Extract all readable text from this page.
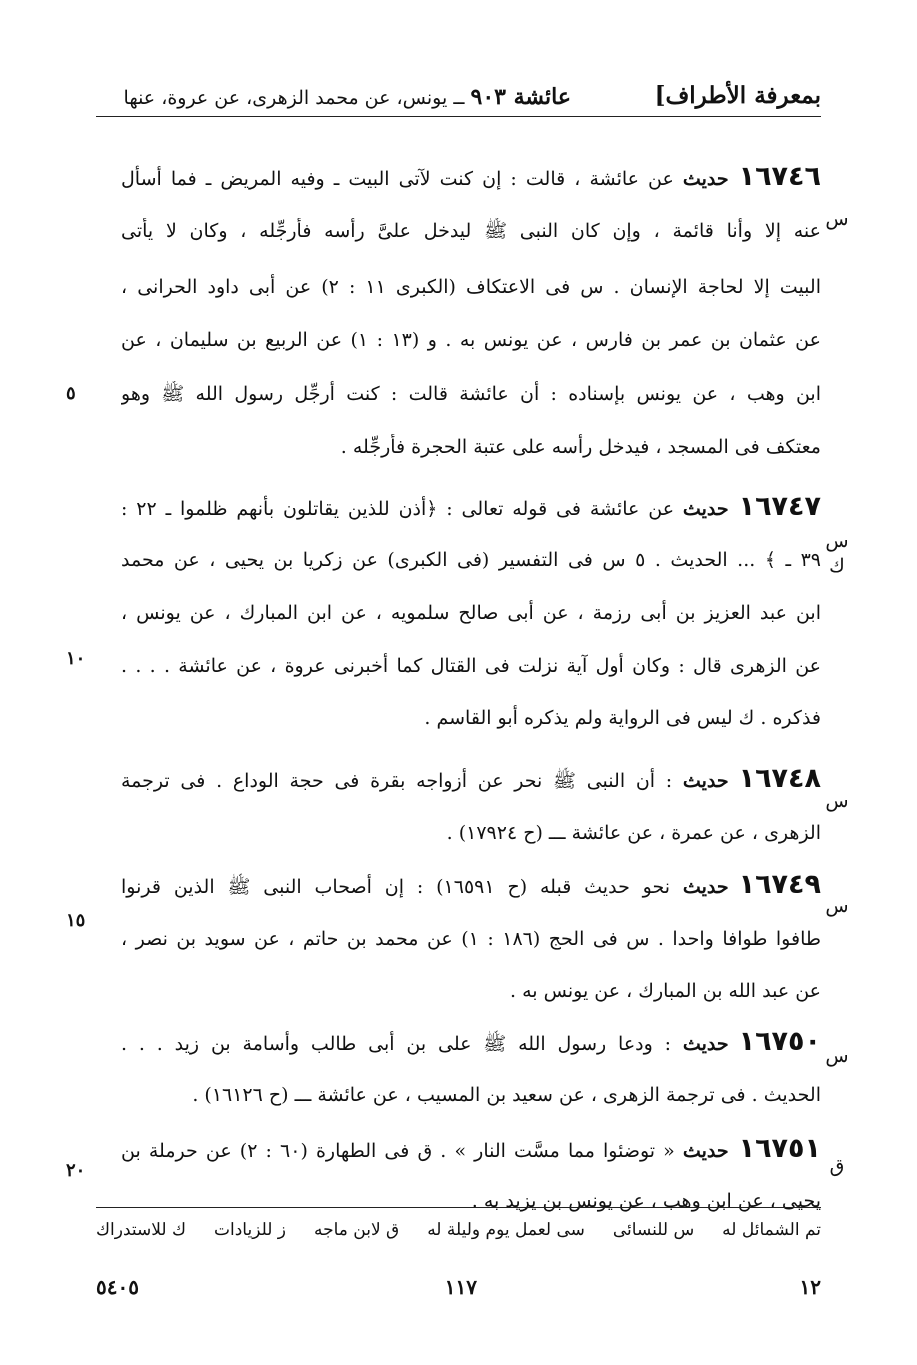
بمعرفة الأطراف]
عائشة ٩٠٣ ــ يونس، عن محمد الزهرى، عن عروة، عنها
١٦٧٤٦حديث عن عائشة ، قالت : إن كنت لآتى البيت ـ وفيه المريض ـ فما أسأل
عنه إلا وأنا قائمة ، وإن كان النبى ﷺ ليدخل علىَّ رأسه فأرجِّله ، وكان لا يأتى
البيت إلا لحاجة الإنسان . س فى الاعتكاف (الكبرى ١١ : ٢) عن أبى داود الحرانى ،
عن عثمان بن عمر بن فارس ، عن يونس به . و (١٣ : ١) عن الربيع بن سليمان ، عن
ابن وهب ، عن يونس بإسناده : أن عائشة قالت : كنت أرجِّل رسول الله ﷺ وهو
معتكف فى المسجد ، فيدخل رأسه على عتبة الحجرة فأرجِّله .
١٦٧٤٧حديث عن عائشة فى قوله تعالى : ﴿أذن للذين يقاتلون بأنهم ظلموا ـ ٢٢ :
٣٩ ـ ﴾ ... الحديث . ٥ س فى التفسير (فى الكبرى) عن زكريا بن يحيى ، عن محمد
ابن عبد العزيز بن أبى رزمة ، عن أبى صالح سلمويه ، عن ابن المبارك ، عن يونس ،
عن الزهرى قال : وكان أول آية نزلت فى القتال كما أخبرنى عروة ، عن عائشة . . . .
فذكره . ك ليس فى الرواية ولم يذكره أبو القاسم .
١٦٧٤٨حديث : أن النبى ﷺ نحر عن أزواجه بقرة فى حجة الوداع . فى ترجمة
الزهرى ، عن عمرة ، عن عائشة ـــ (ح ١٧٩٢٤) .
١٦٧٤٩حديث نحو حديث قبله (ح ١٦٥٩١) : إن أصحاب النبى ﷺ الذين قرنوا
طافوا طوافا واحدا . س فى الحج (١٨٦ : ١) عن محمد بن حاتم ، عن سويد بن نصر ،
عن عبد الله بن المبارك ، عن يونس به .
١٦٧٥٠حديث : ودعا رسول الله ﷺ على بن أبى طالب وأسامة بن زيد . . .
الحديث . فى ترجمة الزهرى ، عن سعيد بن المسيب ، عن عائشة ـــ (ح ١٦١٢٦) .
١٦٧٥١حديث « توضئوا مما مسَّت النار » . ق فى الطهارة (٦٠ : ٢) عن حرملة بن
يحيى ، عن ابن وهب ، عن يونس بن يزيد به .
س
س
ك
س
س
س
ق
٥
١٠
١٥
٢٠
تم الشمائل له
س للنسائى
سى لعمل يوم وليلة له
ق لابن ماجه
ز للزيادات
ك للاستدراك
١٢
١١٧
٥٤٠٥
